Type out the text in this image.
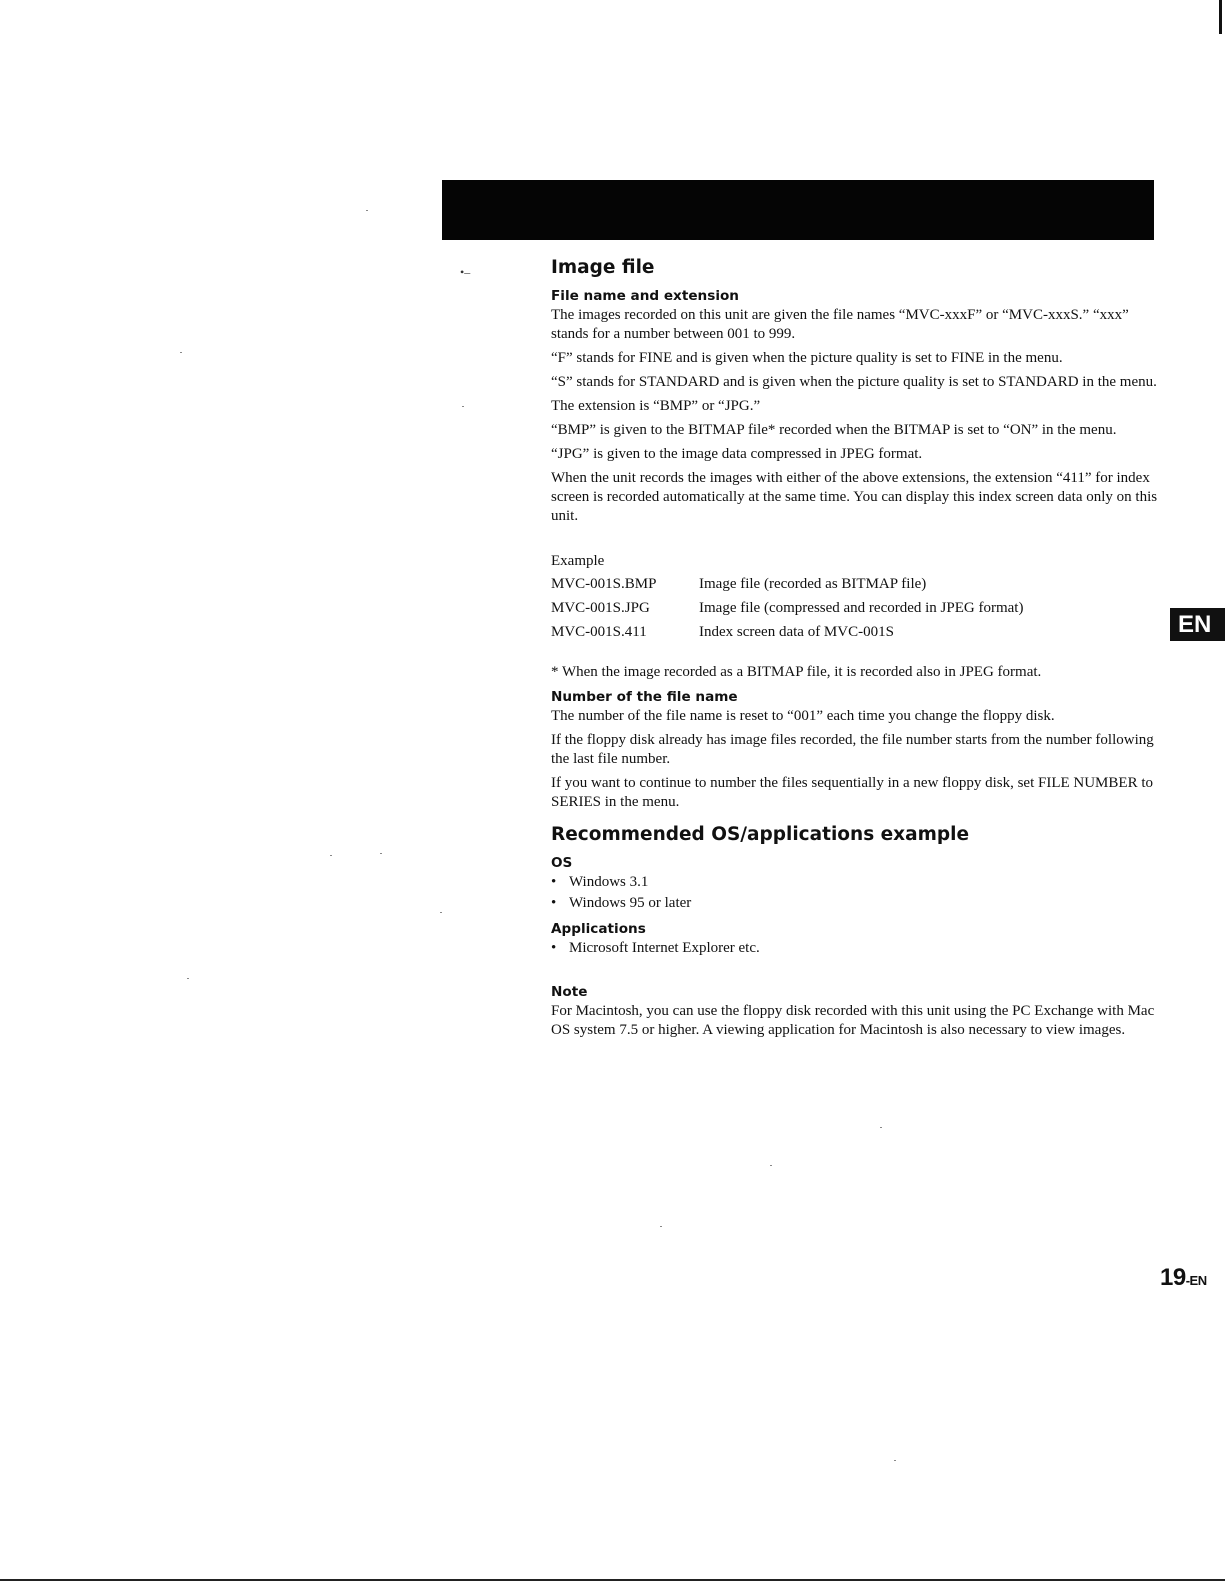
•–
EN
19-EN
Image file
File name and extension

The images recorded on this unit are given the file names “MVC-xxxF” or “MVC-xxxS.” “xxx” stands for a number between 001 to 999.

“F” stands for FINE and is given when the picture quality is set to FINE in the menu.

“S” stands for STANDARD and is given when the picture quality is set to STANDARD in the menu.

The extension is “BMP” or “JPG.”

“BMP” is given to the BITMAP file* recorded when the BITMAP is set to “ON” in the menu.

“JPG” is given to the image data compressed in JPEG format.

When the unit records the images with either of the above extensions, the extension “411” for index screen is recorded automatically at the same time. You can display this index screen data only on this unit.

Example
MVC-001S.BMP	Image file (recorded as BITMAP file)
MVC-001S.JPG	Image file (compressed and recorded in JPEG format)
MVC-001S.411	Index screen data of MVC-001S

* When the image recorded as a BITMAP file, it is recorded also in JPEG format.

Number of the file name

The number of the file name is reset to “001” each time you change the floppy disk.

If the floppy disk already has image files recorded, the file number starts from the number following the last file number.

If you want to continue to number the files sequentially in a new floppy disk, set FILE NUMBER to SERIES in the menu.

Recommended OS/applications example
OS
• Windows 3.1
• Windows 95 or later
Applications
• Microsoft Internet Explorer etc.
Note

For Macintosh, you can use the floppy disk recorded with this unit using the PC Exchange with Mac OS system 7.5 or higher. A viewing application for Macintosh is also necessary to view images.
